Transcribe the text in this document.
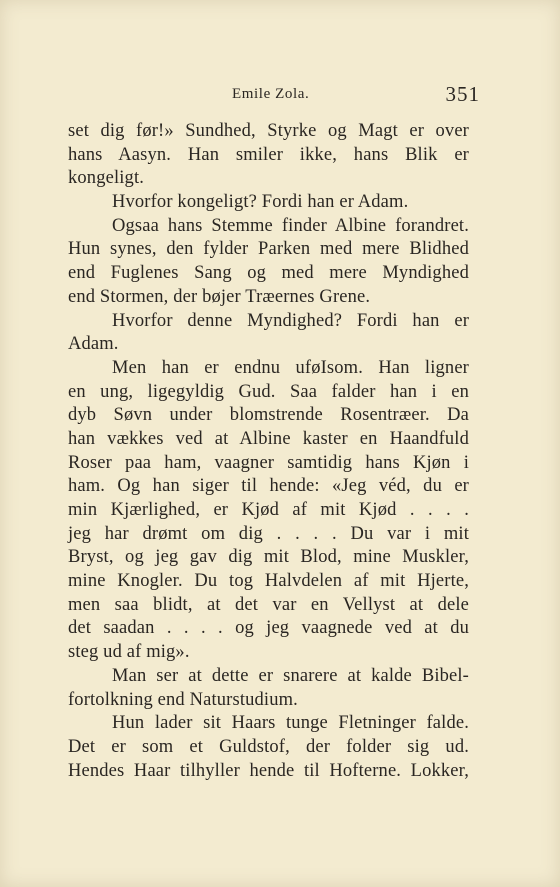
Emile Zola.	351
set dig før!» Sundhed, Styrke og Magt er over
hans Aasyn. Han smiler ikke, hans Blik er
kongeligt.
Hvorfor kongeligt? Fordi han er Adam.
Ogsaa hans Stemme finder Albine forandret.
Hun synes, den fylder Parken med mere Blidhed
end Fuglenes Sang og med mere Myndighed
end Stormen, der bøjer Træernes Grene.
Hvorfor denne Myndighed? Fordi han er
Adam.
Men han er endnu uføIsom. Han ligner
en ung, ligegyldig Gud. Saa falder han i en
dyb Søvn under blomstrende Rosentræer. Da
han vækkes ved at Albine kaster en Haandfuld
Roser paa ham, vaagner samtidig hans Kjøn i
ham. Og han siger til hende: «Jeg véd, du er
min Kjærlighed, er Kjød af mit Kjød . . . .
jeg har drømt om dig . . . . Du var i mit
Bryst, og jeg gav dig mit Blod, mine Muskler,
mine Knogler. Du tog Halvdelen af mit Hjerte,
men saa blidt, at det var en Vellyst at dele
det saadan . . . . og jeg vaagnede ved at du
steg ud af mig».
Man ser at dette er snarere at kalde Bibel-
fortolkning end Naturstudium.
Hun lader sit Haars tunge Fletninger falde.
Det er som et Guldstof, der folder sig ud.
Hendes Haar tilhyller hende til Hofterne. Lokker,
